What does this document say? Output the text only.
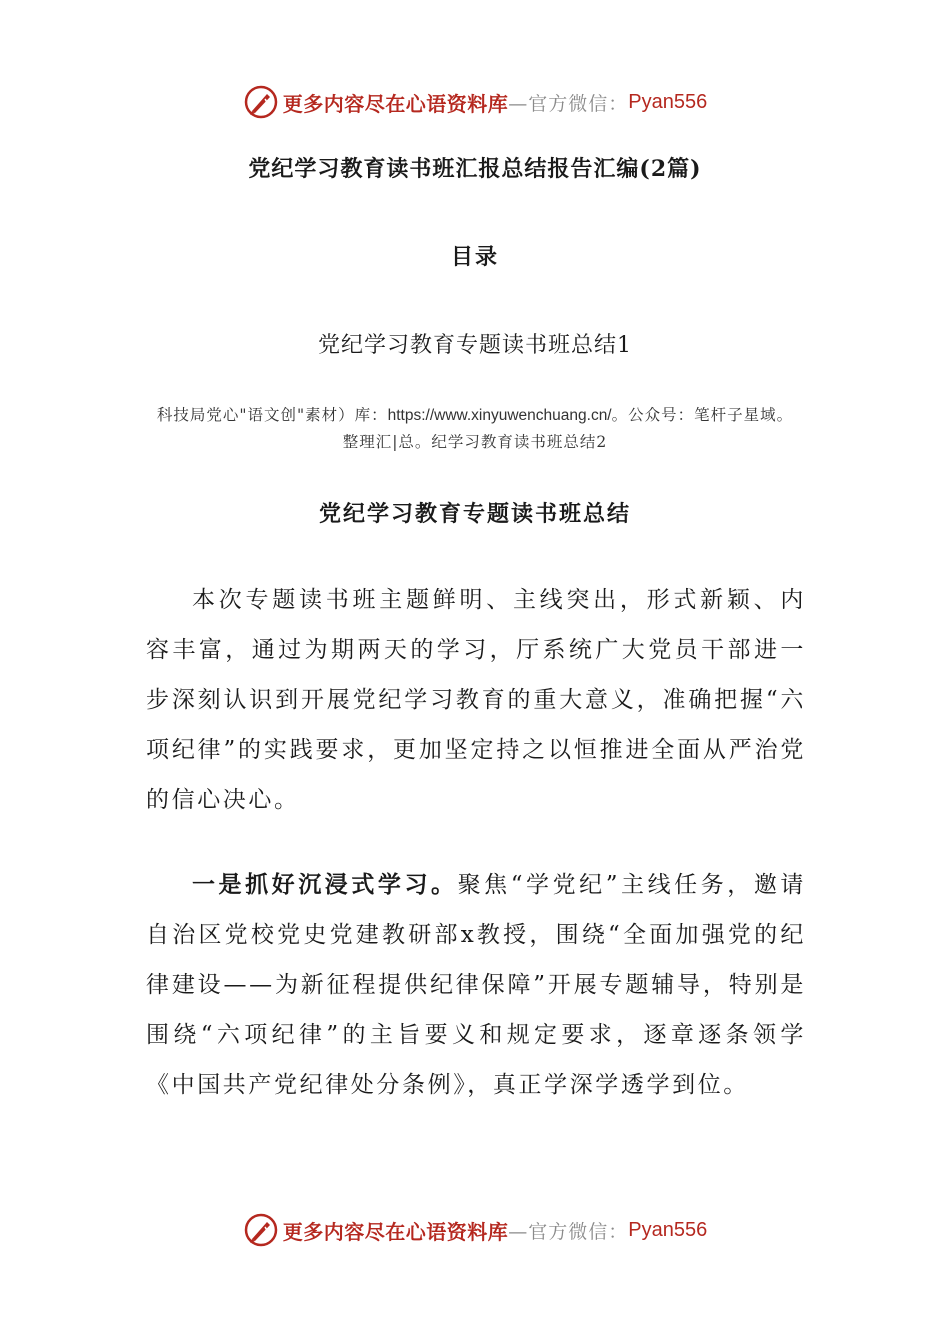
更多内容尽在心语资料库 —官方微信： Pyan556
党纪学习教育读书班汇报总结报告汇编(2篇)
目录
党纪学习教育专题读书班总结1
科技局党心"语文创"素材）库：https://www.xinyuwenchuang.cn/。公众号：笔杆子星域。整理汇|总。纪学习教育读书班总结2
党纪学习教育专题读书班总结
本次专题读书班主题鲜明、主线突出，形式新颖、内容丰富，通过为期两天的学习，厅系统广大党员干部进一步深刻认识到开展党纪学习教育的重大意义，准确把握“六项纪律”的实践要求，更加坚定持之以恒推进全面从严治党的信心决心。
一是抓好沉浸式学习。聚焦“学党纪”主线任务，邀请自治区党校党史党建教研部x教授，围绕“全面加强党的纪律建设——为新征程提供纪律保障”开展专题辅导，特别是围绕“六项纪律”的主旨要义和规定要求，逐章逐条领学《中国共产党纪律处分条例》，真正学深学透学到位。
更多内容尽在心语资料库 —官方微信： Pyan556
